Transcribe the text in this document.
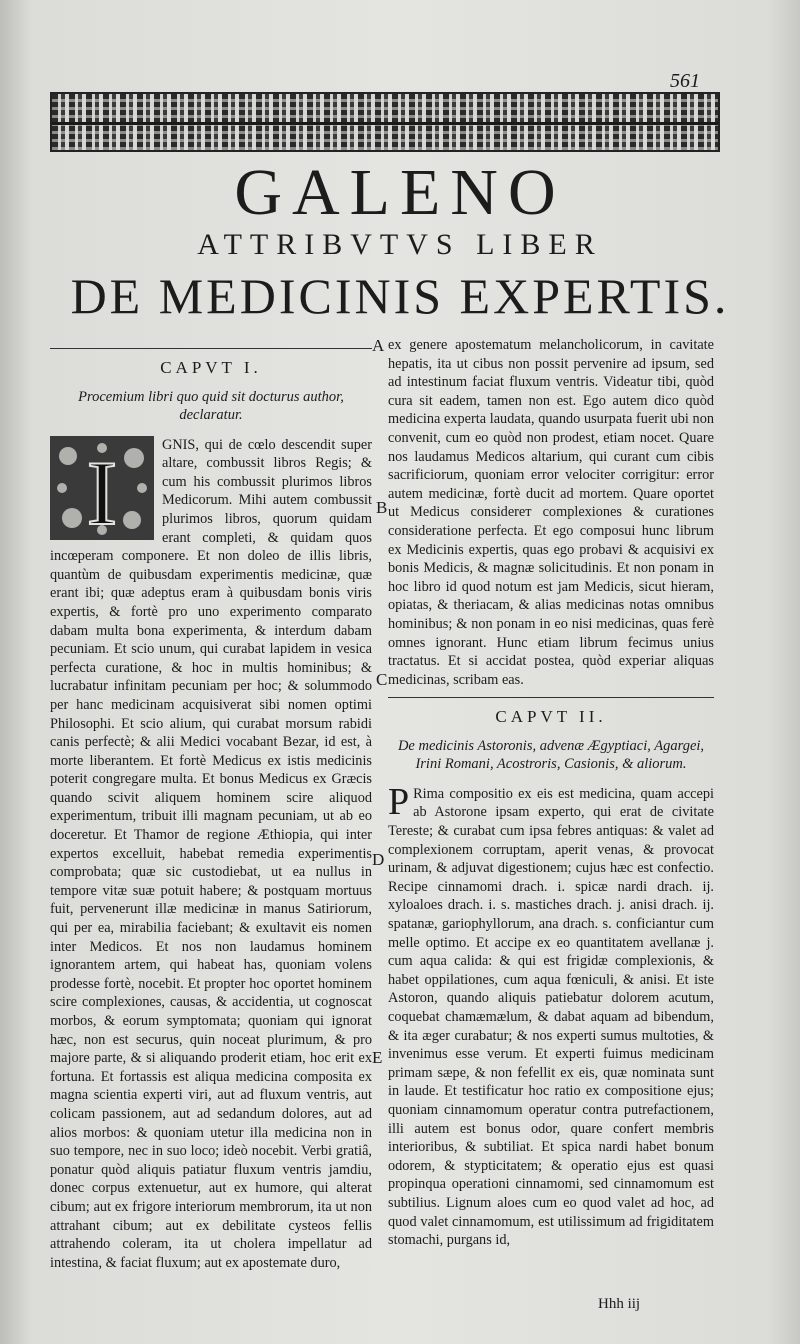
561
GALENO
ATTRIBVTVS LIBER
DE MEDICINIS EXPERTIS.
CAPVT I.
Procemium libri quo quid sit docturus author, declaratur.
I	GNIS, qui de cœlo descendit super altare, combussit libros Regis; & cum his combussit plurimos libros Medicorum. Mihi autem combussit plurimos libros, quorum quidam erant completi, & quidam quos incœperam componere. Et non doleo de illis libris, quantùm de quibusdam experimentis medicinæ, quæ erant ibi; quæ adeptus eram à quibusdam bonis viris expertis, & fortè pro uno experimento comparato dabam multa bona experimenta, & interdum dabam pecuniam. Et scio unum, qui curabat lapidem in vesica perfecta curatione, & hoc in multis hominibus; & lucrabatur infinitam pecuniam per hoc; & solummodo per hanc medicinam acquisiverat sibi nomen optimi Philosophi. Et scio alium, qui curabat morsum rabidi canis perfectè; & alii Medici vocabant Bezar, id est, à morte liberantem. Et fortè Medicus ex istis medicinis poterit congregare multa. Et bonus Medicus ex Græcis quando scivit aliquem hominem scire aliquod experimentum, tribuit illi magnam pecuniam, ut ab eo doceretur. Et Thamor de regione Æthiopia, qui inter expertos excelluit, habebat remedia experimentis comprobata; quæ sic custodiebat, ut ea nullus in tempore vitæ suæ potuit habere; & postquam mortuus fuit, pervenerunt illæ medicinæ in manus Satiriorum, qui per ea, mirabilia faciebant; & exultavit eis nomen inter Medicos. Et nos non laudamus hominem ignorantem artem, qui habeat has, quoniam volens prodesse fortè, nocebit. Et propter hoc oportet hominem scire complexiones, causas, & accidentia, ut cognoscat morbos, & eorum symptomata; quoniam qui ignorat hæc, non est securus, quin noceat plurimum, & pro majore parte, & si aliquando proderit etiam, hoc erit ex fortuna. Et fortassis est aliqua medicina composita ex magna scientia experti viri, aut ad fluxum ventris, aut colicam passionem, aut ad sedandum dolores, aut ad alios morbos: & quoniam utetur illa medicina non in suo tempore, nec in suo loco; ideò nocebit. Verbi gratiâ, ponatur quòd aliquis patiatur fluxum ventris jamdiu, donec corpus extenuetur, aut ex humore, qui alterat cibum; aut ex frigore interiorum membrorum, ita ut non attrahant cibum; aut ex debilitate cysteos fellis attrahendo coleram, ita ut cholera impellatur ad intestina, & faciat fluxum; aut ex apostemate duro,

ex genere apostematum melancholicorum, in cavitate hepatis, ita ut cibus non possit pervenire ad ipsum, sed ad intestinum faciat fluxum ventris. Videatur tibi, quòd cura sit eadem, tamen non est. Ego autem dico quòd medicina experta laudata, quando usurpata fuerit ubi non convenit, cum eo quòd non prodest, etiam nocet. Quare nos laudamus Medicos altarium, qui curant cum cibis sacrificiorum, quoniam error velociter corrigitur: error autem medicinæ, fortè ducit ad mortem. Quare oportet ut Medicus considerет complexiones & curationes consideratione perfecta. Et ego composui hunc librum ex Medicinis expertis, quas ego probavi & acquisivi ex bonis Medicis, & magnæ solicitudinis. Et non ponam in hoc libro id quod notum est jam Medicis, sicut hieram, opiatas, & theriacam, & alias medicinas notas omnibus hominibus; & non ponam in eo nisi medicinas, quas ferè omnes ignorant. Hunc etiam librum fecimus unius tractatus. Et si accidat postea, quòd experiar aliquas medicinas, scribam eas.

CAPVT II.
De medicinis Astoronis, advenæ Ægyptiaci, Agargei, Irini Romani, Acostroris, Casionis, & aliorum.

P Rima compositio ex eis est medicina, quam accepi ab Astorone ipsam experto, qui erat de civitate Tereste; & curabat cum ipsa febres antiquas: & valet ad complexionem corruptam, aperit venas, & provocat urinam, & adjuvat digestionem; cujus hæc est confectio. Recipe cinnamomi drach. i. spicæ nardi drach. ij. xyloaloes drach. i. s. masticheѕ drach. j. anisi drach. ij. spatanæ, gariophyllorum, ana drach. s. conficiantur cum melle optimo. Et accipe ex eo quantitatem avellanæ j. cum aqua calida: & qui est frigidæ complexionis, & habet oppilationes, cum aqua fœniculi, & anisi. Et iste Astoron, quando aliquis patiebatur dolorem acutum, coquebat chamæmælum, & dabat aquam ad bibendum, & ita æger curabatur; & nos experti sumus multoties, & invenimus esse verum. Et experti fuimus medicinam primam sæpe, & non fefellit ex eis, quæ nominata sunt in laude. Et testificatur hoc ratio ex compositione ejus; quoniam cinnamomum operatur contra putrefactionem, illi autem est bonus odor, quare confert membris interioribus, & subtiliat. Et spica nardi habet bonum odorem, & stypticitatem; & operatio ejus est quasi propinqua operationi cinnamomi, sed cinnamomum est subtilius. Lignum aloes cum eo quod valet ad hoc, ad quod valet cinnamomum, est utilissimum ad frigiditatem stomachi, purgans id,

A
B
C
D
E
Hhh iij
